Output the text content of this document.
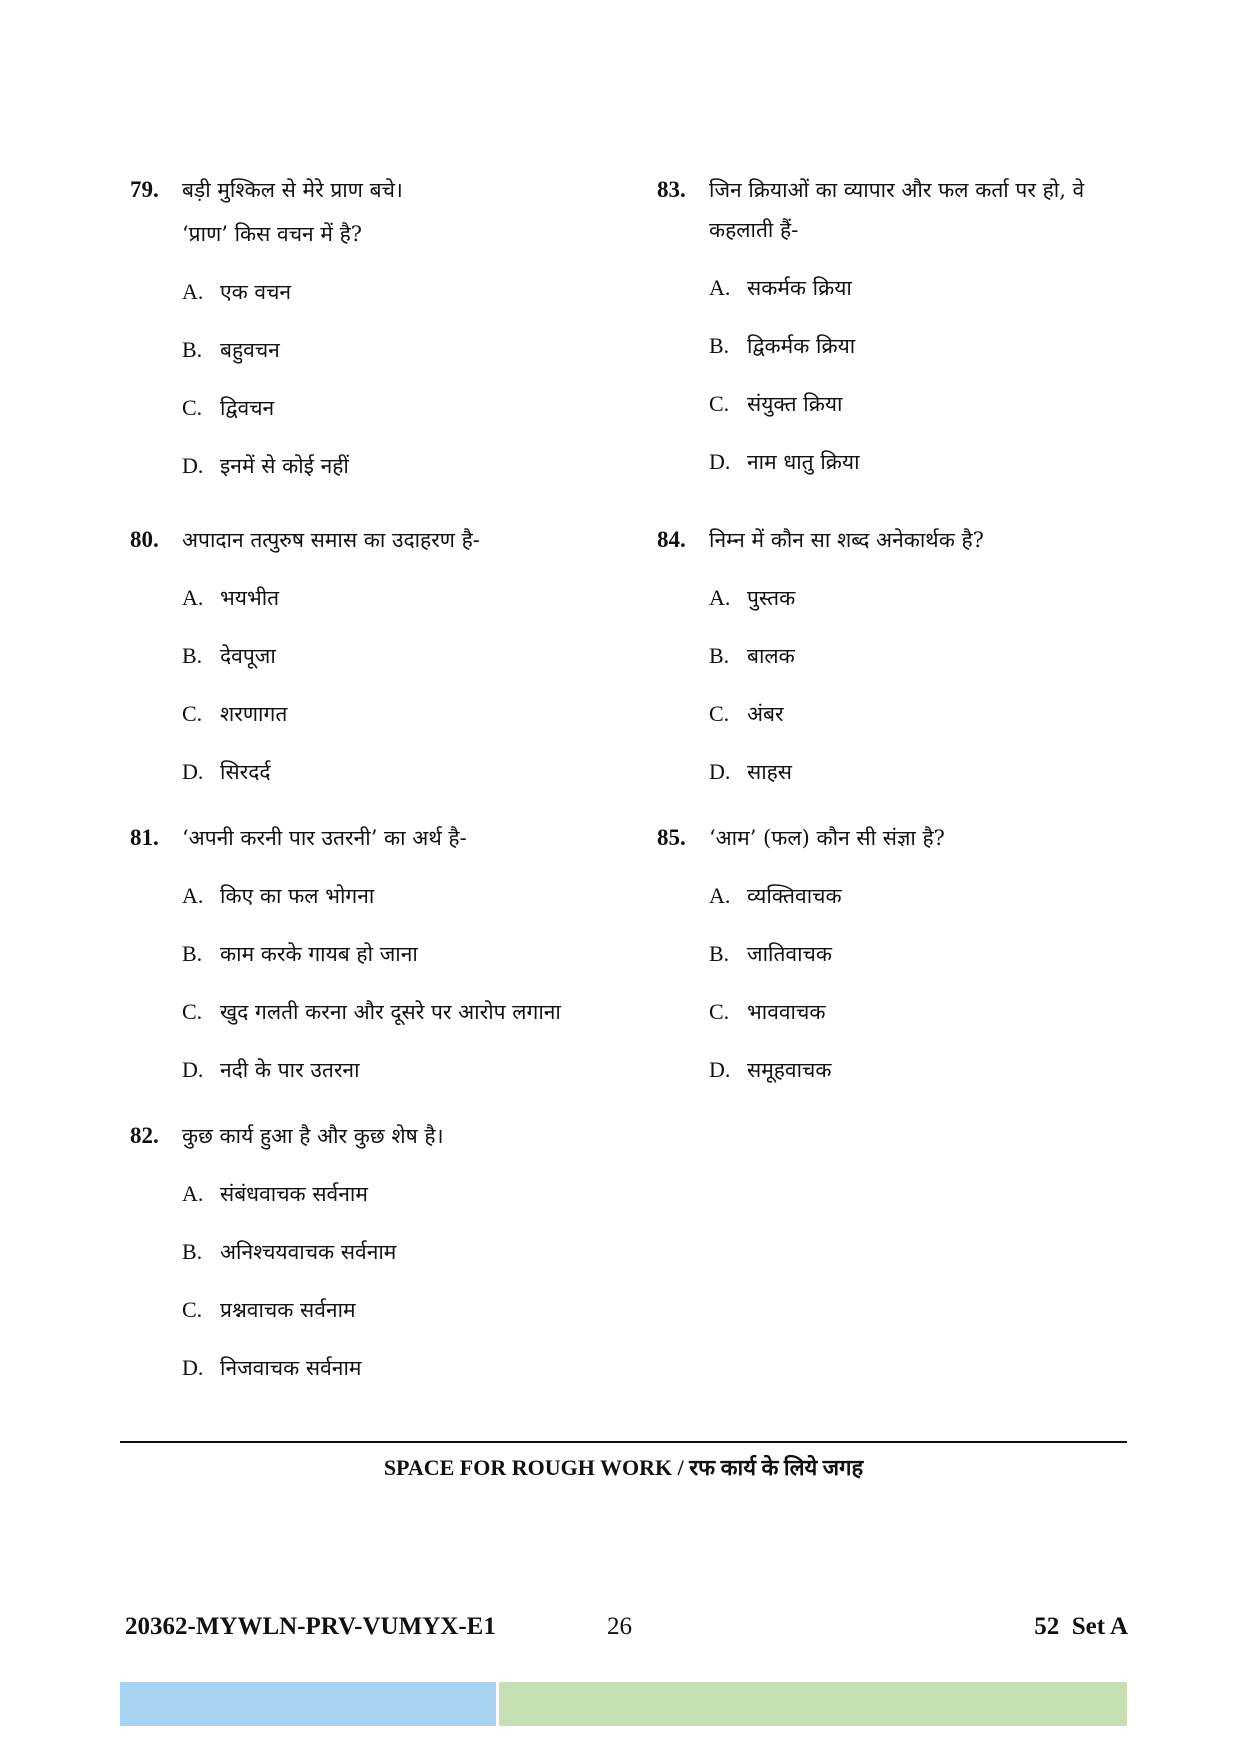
79.	बड़ी मुश्किल से मेरे प्राण बचे।
‘प्राण’ किस वचन में है?
A. एक वचन
B. बहुवचन
C. द्विवचन
D. इनमें से कोई नहीं
80.	अपादान तत्पुरुष समास का उदाहरण है-
A. भयभीत
B. देवपूजा
C. शरणागत
D. सिरदर्द
81.	‘अपनी करनी पार उतरनी’ का अर्थ है-
A. किए का फल भोगना
B. काम करके गायब हो जाना
C. खुद गलती करना और दूसरे पर आरोप लगाना
D. नदी के पार उतरना
82.	कुछ कार्य हुआ है और कुछ शेष है।
A. संबंधवाचक सर्वनाम
B. अनिश्चयवाचक सर्वनाम
C. प्रश्नवाचक सर्वनाम
D. निजवाचक सर्वनाम
83.	जिन क्रियाओं का व्यापार और फल कर्ता पर हो, वे कहलाती हैं-
A. सकर्मक क्रिया
B. द्विकर्मक क्रिया
C. संयुक्त क्रिया
D. नाम धातु क्रिया
84.	निम्न में कौन सा शब्द अनेकार्थक है?
A. पुस्तक
B. बालक
C. अंबर
D. साहस
85.	‘आम’ (फल) कौन सी संज्ञा है?
A. व्यक्तिवाचक
B. जातिवाचक
C. भाववाचक
D. समूहवाचक
SPACE FOR ROUGH WORK / रफ कार्य के लिये जगह
20362-MYWLN-PRV-VUMYX-E1	26	52  Set A
